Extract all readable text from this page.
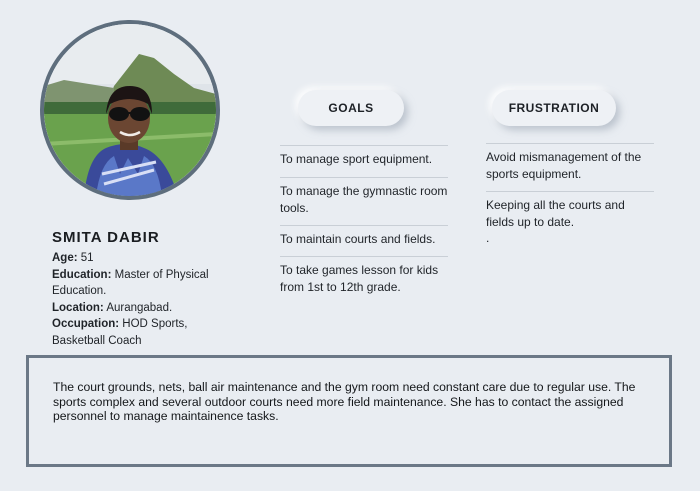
SMITA DABIR
Age: 51
Education: Master of Physical Education.
Location: Aurangabad.
Occupation: HOD Sports, Basketball Coach
GOALS	FRUSTRATION
To manage sport equipment.
To manage the gymnastic room tools.
To maintain courts and fields.
To take games lesson for kids from 1st to 12th grade.
Avoid mismanagement of the sports equipment.
Keeping all the courts and fields up to date.
.
The court grounds, nets, ball air maintenance and the gym room need constant care due to regular use. The sports complex and several outdoor courts need more field maintenance. She has to contact the assigned personnel to manage maintainence tasks.
